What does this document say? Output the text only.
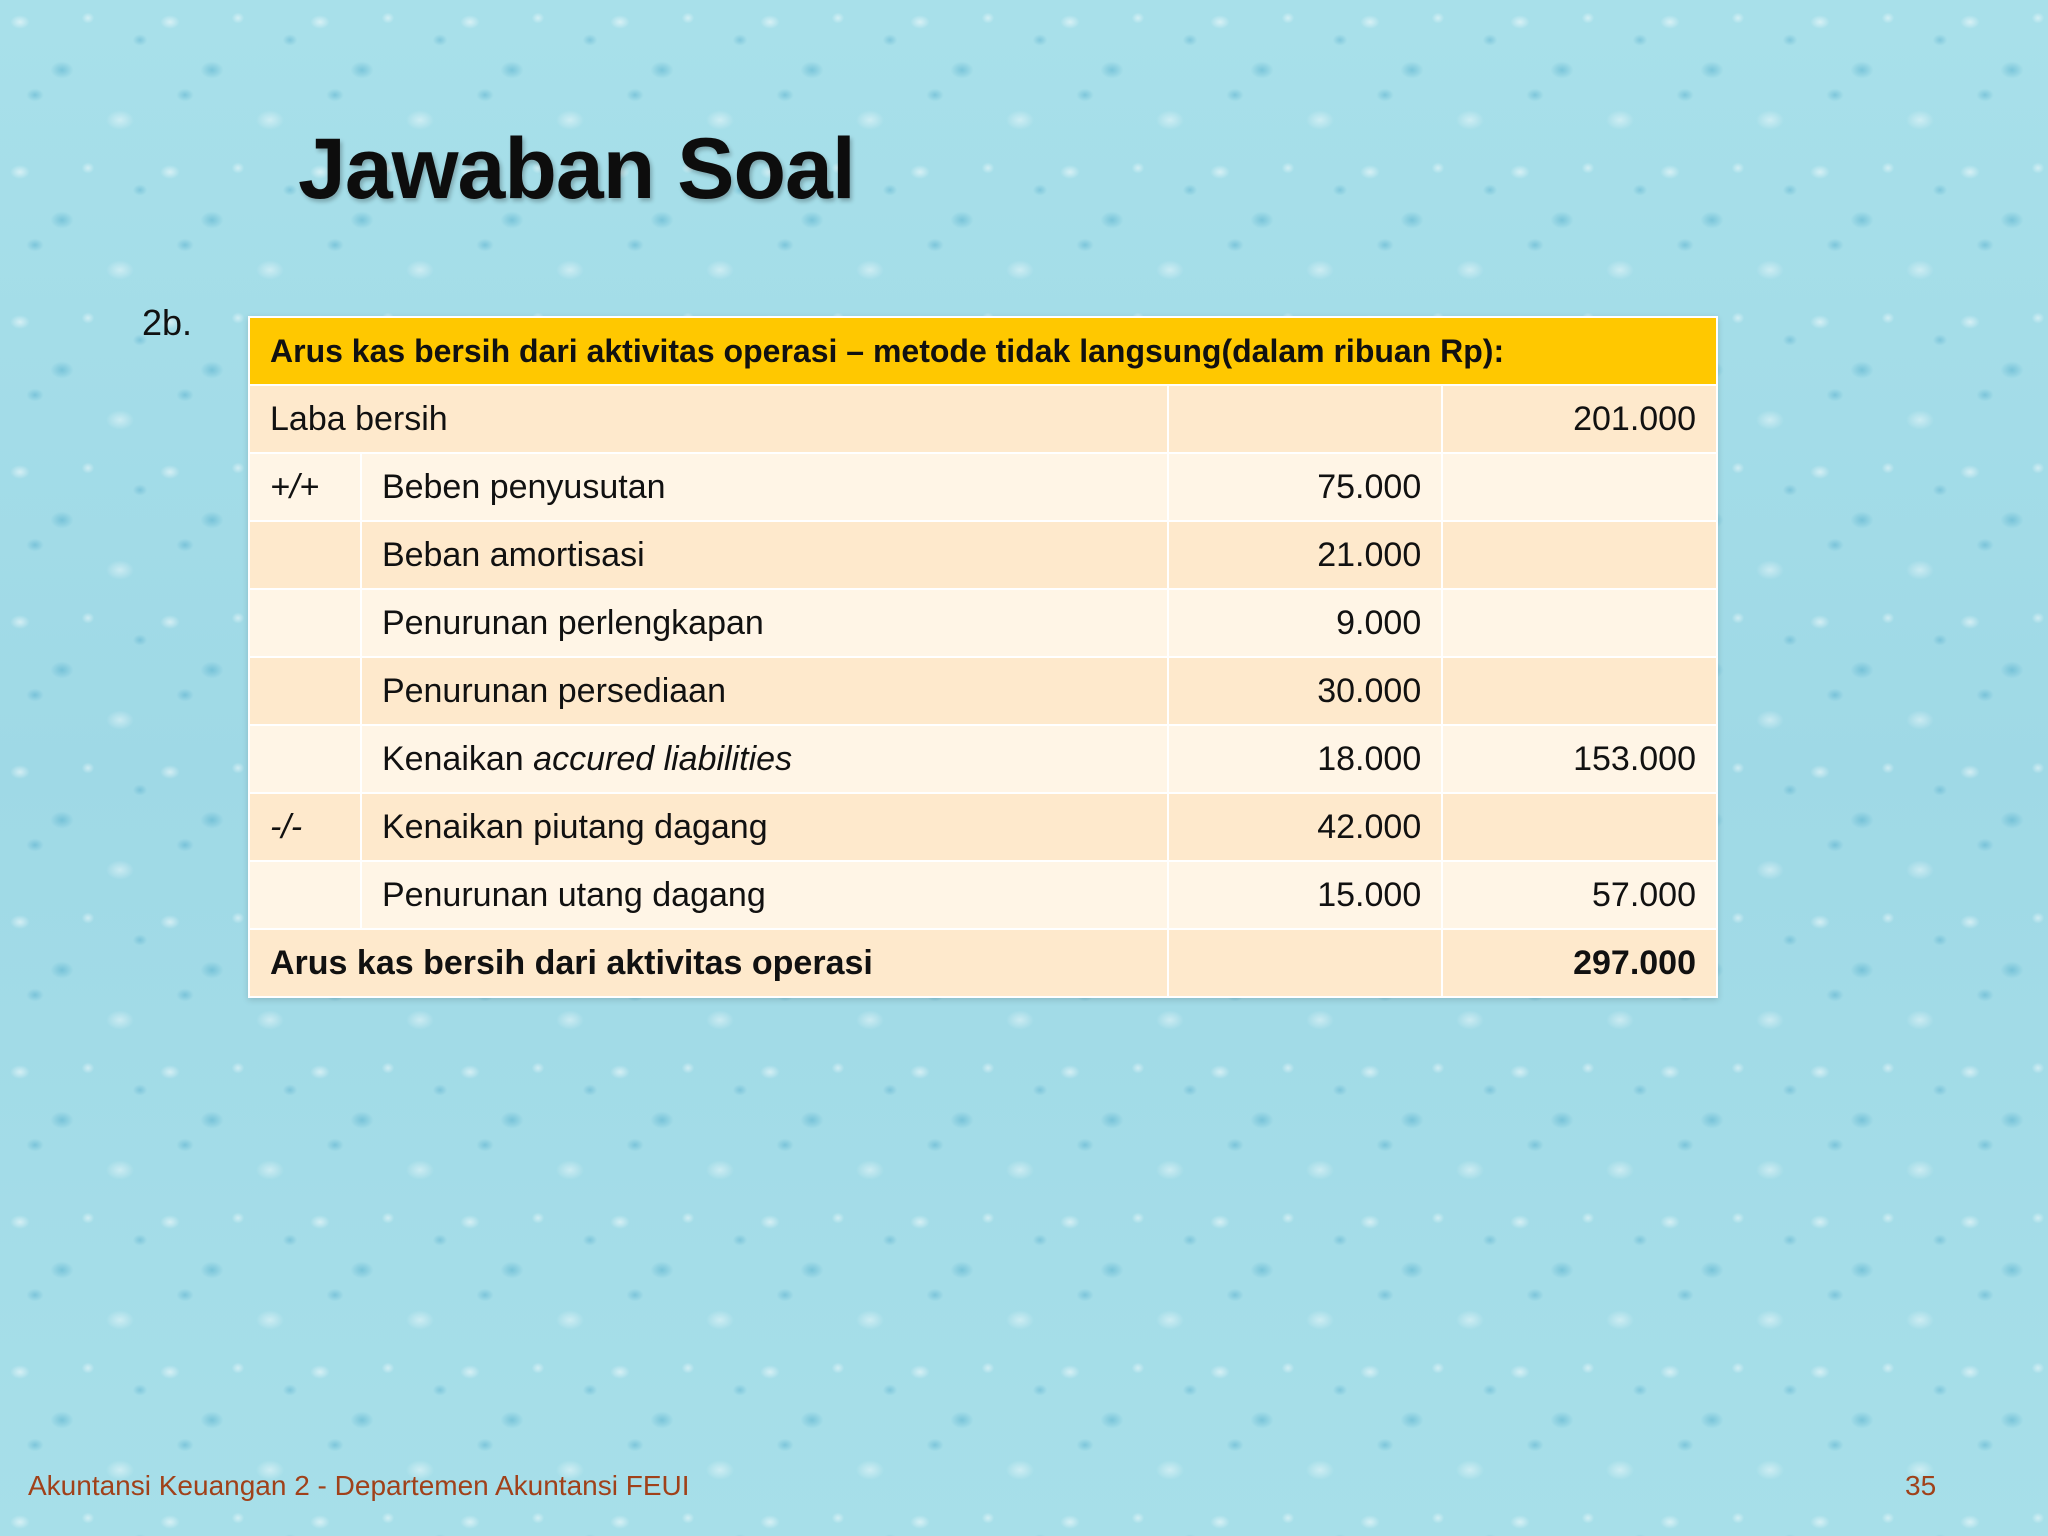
Jawaban Soal
2b.
Arus kas bersih dari aktivitas operasi – metode tidak langsung(dalam ribuan Rp):			
Laba bersih			201.000
+/+	Beben penyusutan	75.000	
	Beban amortisasi	21.000	
	Penurunan perlengkapan	9.000	
	Penurunan persediaan	30.000	
	Kenaikan accured liabilities	18.000	153.000
-/-	Kenaikan piutang dagang	42.000	
	Penurunan utang dagang	15.000	57.000
Arus kas bersih dari aktivitas operasi			297.000
Akuntansi Keuangan 2 - Departemen Akuntansi FEUI	35
